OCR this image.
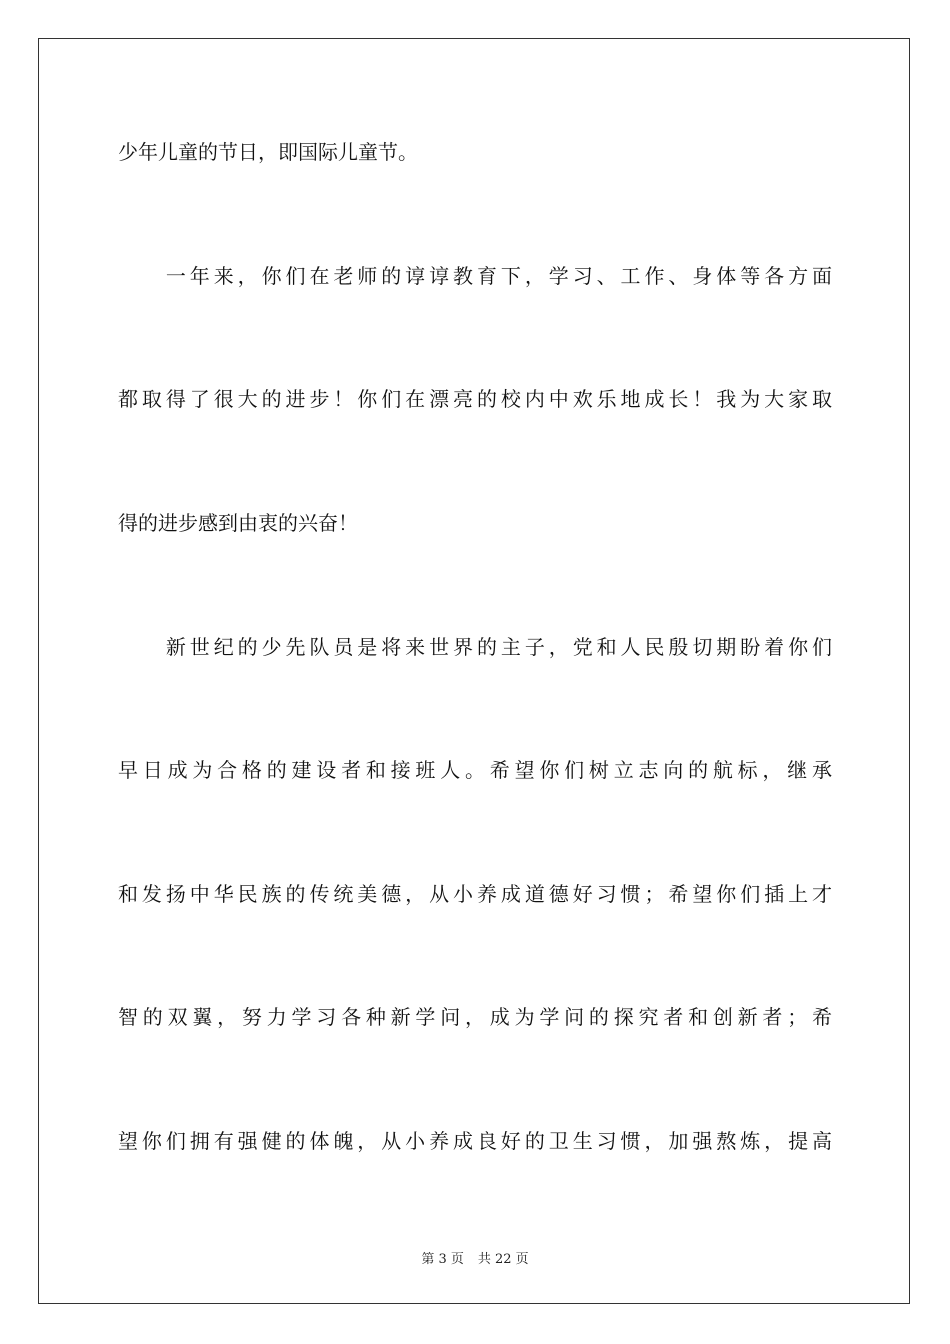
少年儿童的节日，即国际儿童节。
　　一年来，你们在老师的谆谆教育下，学习、工作、身体等各方面
都取得了很大的进步！你们在漂亮的校内中欢乐地成长！我为大家取
得的进步感到由衷的兴奋！
　　新世纪的少先队员是将来世界的主子，党和人民殷切期盼着你们
早日成为合格的建设者和接班人。希望你们树立志向的航标，继承
和发扬中华民族的传统美德，从小养成道德好习惯；希望你们插上才
智的双翼，努力学习各种新学问，成为学问的探究者和创新者；希
望你们拥有强健的体魄，从小养成良好的卫生习惯，加强熬炼，提高
第 3 页 共 22 页
